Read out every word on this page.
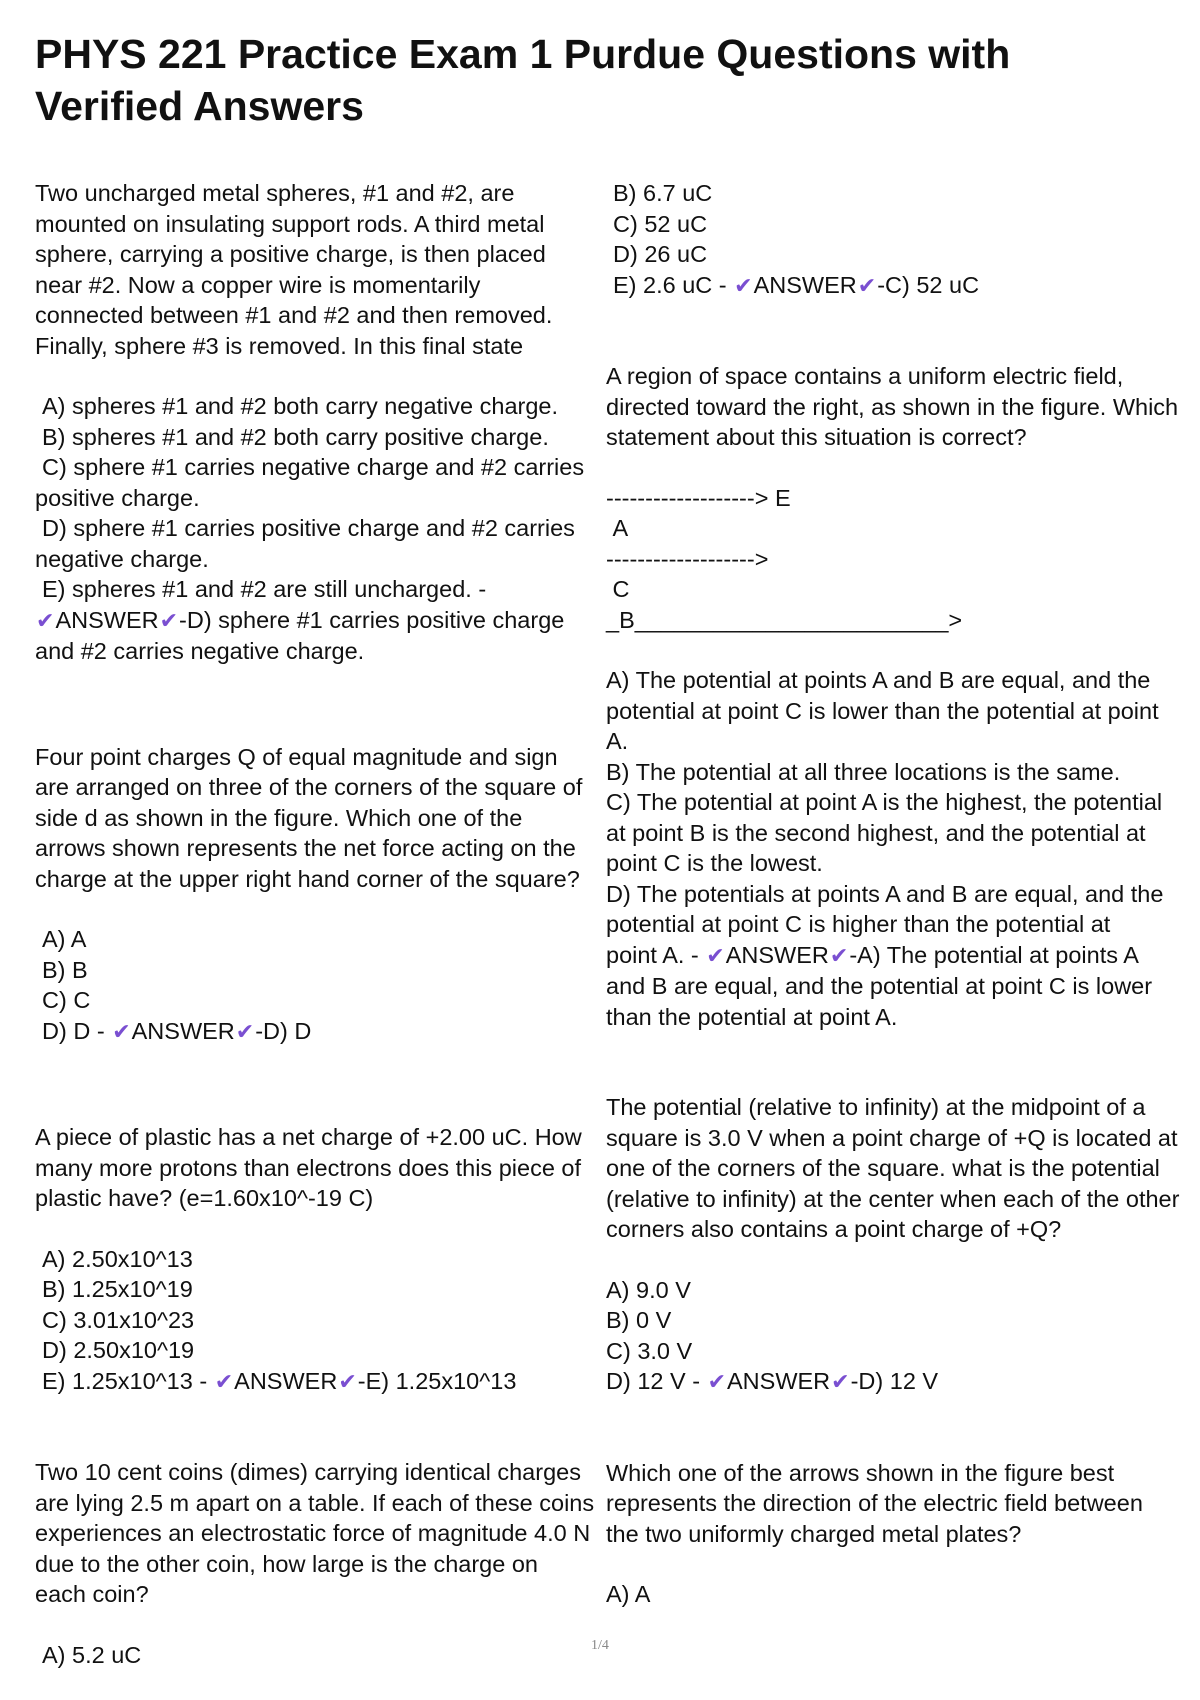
PHYS 221 Practice Exam 1 Purdue Questions with Verified Answers

Two uncharged metal spheres, #1 and #2, are mounted on insulating support rods. A third metal sphere, carrying a positive charge, is then placed near #2. Now a copper wire is momentarily connected between #1 and #2 and then removed. Finally, sphere #3 is removed. In this final state

A) spheres #1 and #2 both carry negative charge.

B) spheres #1 and #2 both carry positive charge.

C) sphere #1 carries negative charge and #2 carries

positive charge.

D) sphere #1 carries positive charge and #2 carries

negative charge.

E) spheres #1 and #2 are still uncharged. -

✔ANSWER✔-D) sphere #1 carries positive charge

and #2 carries negative charge.

Four point charges Q of equal magnitude and sign are arranged on three of the corners of the square of side d as shown in the figure. Which one of the arrows shown represents the net force acting on the charge at the upper right hand corner of the square?

A) A

B) B

C) C

D) D - ✔ANSWER✔-D) D

A piece of plastic has a net charge of +2.00 uC. How many more protons than electrons does this piece of plastic have? (e=1.60x10^-19 C)

A) 2.50x10^13

B) 1.25x10^19

C) 3.01x10^23

D) 2.50x10^19

E) 1.25x10^13 - ✔ANSWER✔-E) 1.25x10^13

Two 10 cent coins (dimes) carrying identical charges are lying 2.5 m apart on a table. If each of these coins experiences an electrostatic force of magnitude 4.0 N due to the other coin, how large is the charge on each coin?

A) 5.2 uC

B) 6.7 uC

C) 52 uC

D) 26 uC

E) 2.6 uC - ✔ANSWER✔-C) 52 uC

A region of space contains a uniform electric field, directed toward the right, as shown in the figure. Which statement about this situation is correct?

-------------------> E

A

------------------->

C

_B________________________>

A) The potential at points A and B are equal, and the potential at point C is lower than the potential at point A.

B) The potential at all three locations is the same.

C) The potential at point A is the highest, the potential at point B is the second highest, and the potential at point C is the lowest.

D) The potentials at points A and B are equal, and the potential at point C is higher than the potential at

point A. - ✔ANSWER✔-A) The potential at points A

and B are equal, and the potential at point C is lower than the potential at point A.

The potential (relative to infinity) at the midpoint of a square is 3.0 V when a point charge of +Q is located at one of the corners of the square. what is the potential (relative to infinity) at the center when each of the other corners also contains a point charge of +Q?

A) 9.0 V

B) 0 V

C) 3.0 V

D) 12 V - ✔ANSWER✔-D) 12 V

Which one of the arrows shown in the figure best represents the direction of the electric field between the two uniformly charged metal plates?

A) A

1/4
